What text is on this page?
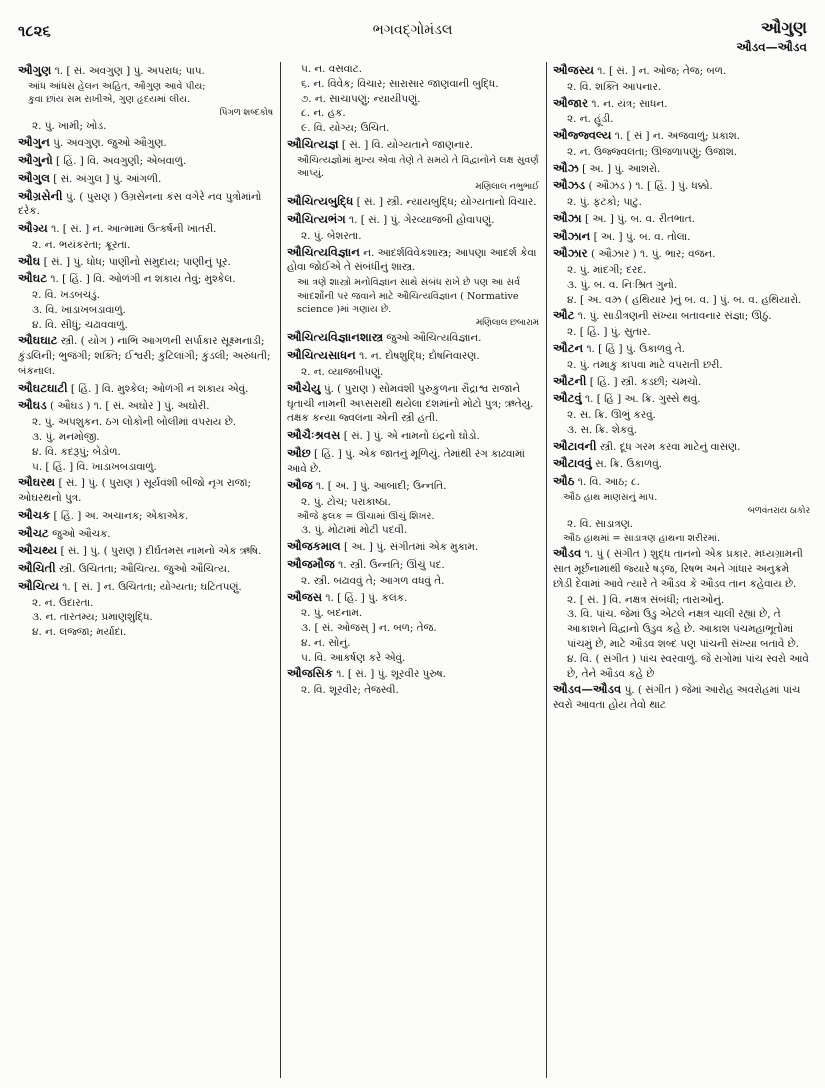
૧૮૨૬	ભગવદ્ગોમંડલ	ઔગુણ
ઔડવ—ઔડવ

ઔગુણ ૧. [ સં. અવગુણ ] પું. અપરાધ; પાપ.

આંધ આંધસ હેલન અહિત, ઔગુણ આવે પીય;
કુવા છાંય સમ રાખીએ, ગુણ હૃદયમાં લીય.
પિંગળ શબ્દકોષ
૨. પું. ખામી; ખોડ.

ઔગુન પું. અવગુણ. જુઓ ઔગુણ.

ઔગુનો [ હિં. ] વિ. અવગુણી; એબવાળું.

ઔગુલ [ સં. અંગુલ ] પું. આંગળી.

ઔગ્રસેની પું. ( પુરાણ ) ઉગ્રસેનના કંસ વગેરે નવ પુત્રોમાંનો દરેક.

ઔગ્ર્ય ૧. [ સં. ] ન. આત્મામાં ઉત્કર્ષની ખાતરી.

૨. ન. ભયંકરતા; ક્રૂરતા.

ઔઘ [ સં. ] પું. ધોધ; પાણીનો સમુદાય; પાણીનું પૂર.

ઔઘટ ૧. [ હિં. ] વિ. ઓળંગી ન શકાય તેવું; મુશ્કેલ.

૨. વિ. ખડબચડું.
૩. વિ. ખાડાખબડાવાળું.
૪. વિ. સીધું; ચઢાવવાળું.

ઔઘઘાટ સ્ત્રી. ( યોગ ) નાભિ આગળની સર્પાકાર સૂક્ષ્મનાડી; કુંડલિની; ભુજંગી; શક્તિ; ઈશ્વરી; કુટિલાંગી; કુંડલી; અરુંધતી; બંકનાલ.

ઔઘટઘાટી [ હિં. ] વિ. મુશ્કેલ; ઓળંગી ન શકાય એવું.

ઔઘડ ( ઔઘડ ) ૧. [ સં. અઘોર ] પું. અઘોરી.

૨. પું. અપશુકન. ઠગ લોકોની બોલીમાં વપરાય છે.
૩. પું. મનમોજી.
૪. વિ. કદરૂપું; બેડોળ.
૫. [ હિં. ] વિ. ખાડાખબડાવાળું.

ઔઘરથ [ સં. ] પું. ( પુરાણ ) સૂર્યવંશી બીજો નૃગ રાજા; ઓઘરથનો પુત્ર.

ઔચક [ હિં. ] અ. અચાનક; એકાએક.

ઔચટ જુઓ ઔચક.

ઔચથ્ય [ સં. ] પું. ( પુરાણ ) દીર્ઘતમસ નામનો એક ઋષિ.

ઔચિતી સ્ત્રી. ઉચિતતા; ઔચિત્ય. જુઓ ઔચિત્ય.

ઔચિત્ય ૧. [ સં. ] ન. ઉચિતતા; યોગ્યતા; ઘટિતપણું.

૨. ન. ઉદારતા.
૩. ન. તારતમ્ય; પ્રમાણશુદ્ધિ.
૪. ન. લજ્જા; મર્યાદા.
૫. ન. વસવાટ.
૬. ન. વિવેક; વિચાર; સારાસાર જાણવાની બુદ્ધિ.
૭. ન. સાચાપણું; ન્યાયીપણું.
૮. ન. હક.
૯. વિ. યોગ્ય; ઉચિત.

ઔચિત્યજ્ઞ [ સં. ] વિ. યોગ્યતાને જાણનાર.

ઔચિત્યજ્ઞોમાં મુખ્ય એવા તેણે તે સમયે તે વિદ્વાનોને લક્ષ સુવર્ણ આપ્યું.
મણિલાલ નભુભાઈ

ઔચિત્યબુદ્ધિ [ સં. ] સ્ત્રી. ન્યાયબુદ્ધિ; યોગ્યતાનો વિચાર.

ઔચિત્યભંગ ૧. [ સં. ] પું. ગેરવ્યાજબી હોવાપણું.

૨. પું. બેશરતા.

ઔચિત્યવિજ્ઞાન ન. આદર્શવિવેકશાસ્ત્ર; આપણા આદર્શ કેવા હોવા જોઈએ તે સંબંધીનું શાસ્ત્ર.

આ ત્રણે શાસ્ત્રો મનોવિજ્ઞાન સાથે સંબંધ રાખે છે પણ આ સર્વ આદર્શોની પર જવાને માટે ઔચિત્યવિજ્ઞાન ( Normative science )માં ગણાય છે.
મણિલાલ છબારામ

ઔચિત્યવિજ્ઞાનશાસ્ત્ર જુઓ ઔચિત્યવિજ્ઞાન.

ઔચિત્યસાધન ૧. ન. દોષશુદ્ધિ; દોષનિવારણ.

૨. ન. વ્યાજબીપણું.

ઔચેયુ પું. ( પુરાણ ) સોમવંશી પુરુકુળના રૌદ્રાશ્વ રાજાને ઘૃતાચી નામની અપ્સરાથી થયેલા દશમાંનો મોટો પુત્ર; ઋતેયુ. તક્ષક કન્યા જ્વલના એની સ્ત્રી હતી.

ઔચૈઃશ્રવસ [ સં. ] પું. એ નામનો ઇંદ્રનો ઘોડો.

ઔછ [ હિં. ] પું. એક જાતનું મૂળિયું. તેમાંથી રંગ કાઢવામાં આવે છે.

ઔજ ૧. [ અ. ] પું. આબાદી; ઉન્નતિ.

૨. પું. ટોચ; પરાકાષ્ઠા.
ઔજે ફલક = ઊંચામાં ઊંચું શિખર.
૩. પું. મોટામાં મોટી પદવી.

ઔજકમાલ [ અ. ] પું. સંગીતમાં એક મુકામ.

ઔજમૌજ ૧. સ્ત્રી. ઉન્નતિ; ઊંચું પદ.

૨. સ્ત્રી. બઢાવવું તે; આગળ વધવું તે.

ઔજસ ૧. [ હિં. ] પું. કલંક.

૨. પું. બદનામ.
૩. [ સં. ઓજસ્ ] ન. બળ; તેજ.
૪. ન. સોનું.
૫. વિ. આકર્ષણ કરે એવું.

ઔજસિક ૧. [ સં. ] પું. શૂરવીર પુરુષ.

૨. વિ. શૂરવીર; તેજસ્વી.

ઔજસ્ય ૧. [ સં. ] ન. ઓજ; તેજ; બળ.

૨. વિ. શક્તિ આપનાર.

ઔજાર ૧. ન. યંત્ર; સાધન.

૨. ન. હૂંડી.

ઔજ્જ્વલ્ય ૧. [ સં ] ન. અજવાળું; પ્રકાશ.

૨. ન. ઉજ્જ્વલતા; ઊજળાપણું; ઉજાશ.

ઔઝ [ અ. ] પું. આશરો.

ઔઝડ ( ઔઝડ ) ૧. [ હિં. ] પું. ધક્કો.

૨. પું. ફટકો; પાટુ.

ઔઝા [ અ. ] પું. બ. વ. રીતભાત.

ઔઝાન [ અ. ] પું. બ. વ. તોલા.

ઔઝાર ( ઔઝાર ) ૧. પું. ભાર; વજન.

૨. પું. માંદગી; દરદ.
૩. પું. બ. વ. નિઃશ્રિત ગુનો.
૪. [ અ. વઝ્ર ( હથિયાર )નું બ. વ. ] પું. બ. વ. હથિયારો.

ઔટ ૧. પું. સાડીત્રણની સંખ્યા બતાવનાર સંજ્ઞા; ઊઠું.

૨. [ હિં. ] પું. સુતાર.

ઔટન ૧. [ હિં ] પું. ઉકાળવું તે.

૨. પું. તમાકુ કાપવા માટે વપરાતી છરી.

ઔટની [ હિં. ] સ્ત્રી. કડછી; ચમચો.

ઔટવું ૧. [ હિં ] અ. ક્રિ. ગુસ્સે થવું.

૨. સ. ક્રિ. ઊભું કરવું.
૩. સ. ક્રિ. શેકવું.

ઔટાવની સ્ત્રી. દૂધ ગરમ કરવા માટેનું વાસણ.

ઔટાવવું સ. ક્રિ. ઉકાળવું.

ઔઠ ૧. વિ. આઠ; ૮.

ઔઠ હાથ માણસનું માપ.
બળવંતરાય ઠાકોર
૨. વિ. સાડાત્રણ.
ઔઠ હાથમાં = સાડાત્રણ હાથના શરીરમાં.

ઔડવ ૧. પું ( સંગીત ) શુદ્ધ તાનનો એક પ્રકાર. મધ્યગ્રામની સાત મૂર્છનામાંથી જ્યારે ષડ્જ, રિષભ અને ગાંધાર અનુક્રમે છોડી દેવામાં આવે ત્યારે તે ઔડવ કે ઔડવ તાન કહેવાય છે.

૨. [ સં. ] વિ. નક્ષત્ર સંબંધી; તારાઓનું.
૩. વિ. પાંચ. જેમાં ઉડુ એટલે નક્ષત્ર ચાલી રહ્યાં છે, તે આકાશને વિદ્વાનો ઉડુવ કહે છે. આકાશ પંચમહાભૂતોમાં પાંચમું છે, માટે ઔડવ શબ્દ પણ પાંચની સંખ્યા બતાવે છે.
૪. વિ. ( સંગીત ) પાંચ સ્વરવાળું. જે રાગોમાં પાંચ સ્વરો આવે છે, તેને ઔડવ કહે છે

ઔડવ—ઔડવ પું. ( સંગીત ) જેમાં આરોહ અવરોહમાં પાંચ સ્વરો આવતા હોય તેવો થાટ
